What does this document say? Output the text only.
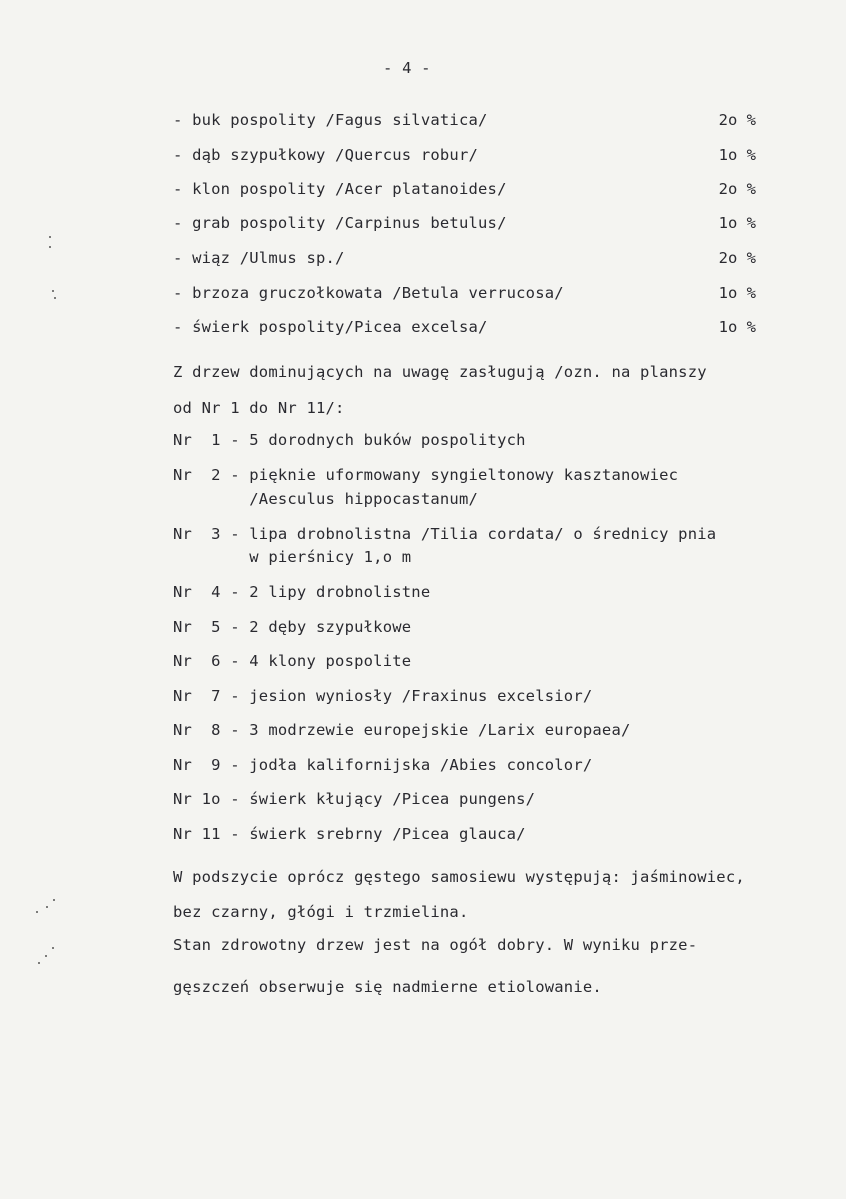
- 4 -
- buk pospolity /Fagus silvatica/	2o %
- dąb szypułkowy /Quercus robur/	1o %
- klon pospolity /Acer platanoides/	2o %
- grab pospolity /Carpinus betulus/	1o %
- wiąz /Ulmus sp./	2o %
- brzoza gruczołkowata /Betula verrucosa/	1o %
- świerk pospolity/Picea excelsa/	1o %
Z drzew dominujących na uwagę zasługują /ozn. na planszy
od Nr 1 do Nr 11/:
Nr  1 - 5 dorodnych buków pospolitych
Nr  2 - pięknie uformowany syngieltonowy kasztanowiec
/Aesculus hippocastanum/
Nr  3 - lipa drobnolistna /Tilia cordata/ o średnicy pnia
w pierśnicy 1,o m
Nr  4 - 2 lipy drobnolistne
Nr  5 - 2 dęby szypułkowe
Nr  6 - 4 klony pospolite
Nr  7 - jesion wyniosły /Fraxinus excelsior/
Nr  8 - 3 modrzewie europejskie /Larix europaea/
Nr  9 - jodła kalifornijska /Abies concolor/
Nr 1o - świerk kłujący /Picea pungens/
Nr 11 - świerk srebrny /Picea glauca/
W podszycie oprócz gęstego samosiewu występują: jaśminowiec,
bez czarny, głógi i trzmielina.
Stan zdrowotny drzew jest na ogół dobry. W wyniku prze-
gęszczeń obserwuje się nadmierne etiolowanie.
